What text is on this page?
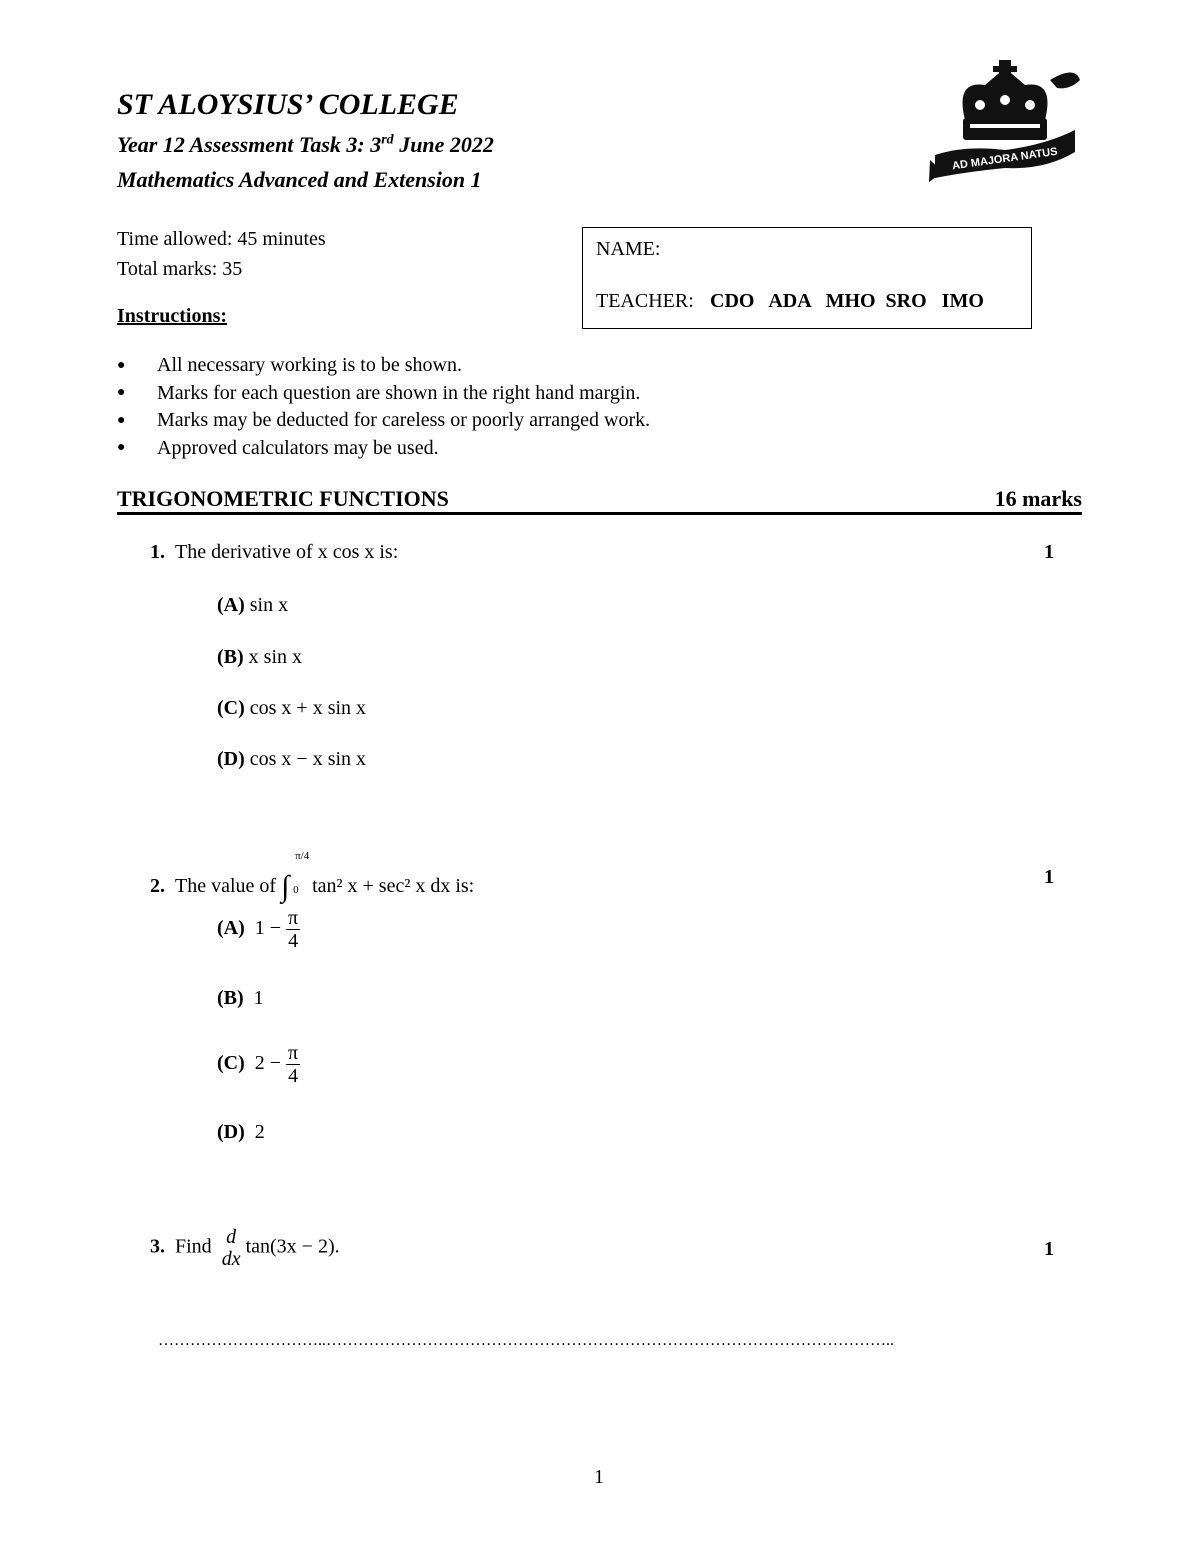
AD MAJORA NATUS
ST ALOYSIUS’ COLLEGE
Year 12 Assessment Task 3: 3rd June 2022
Mathematics Advanced and Extension 1
Time allowed: 45 minutes
Total marks: 35
Instructions:
NAME:
TEACHER: CDO   ADA   MHO  SRO   IMO
●	All necessary working is to be shown.
●	Marks for each question are shown in the right hand margin.
●	Marks may be deducted for careless or poorly arranged work.
●	Approved calculators may be used.
TRIGONOMETRIC FUNCTIONS	16 marks
1. The derivative of x cos x is:	1
(A) sin x
(B) x sin x
(C) cos x + x sin x
(D) cos x − x sin x
2. The value of ∫
π/4
0 tan² x + sec² x dx is:	1
(A) $1 - \frac{\pi}{4}$
(B) 1
(C) $2 - \frac{\pi}{4}$
(D) 2
3. Find d
dx
tan(3x − 2).	1
…………………………..……………………………………………………………………………………………..
1
